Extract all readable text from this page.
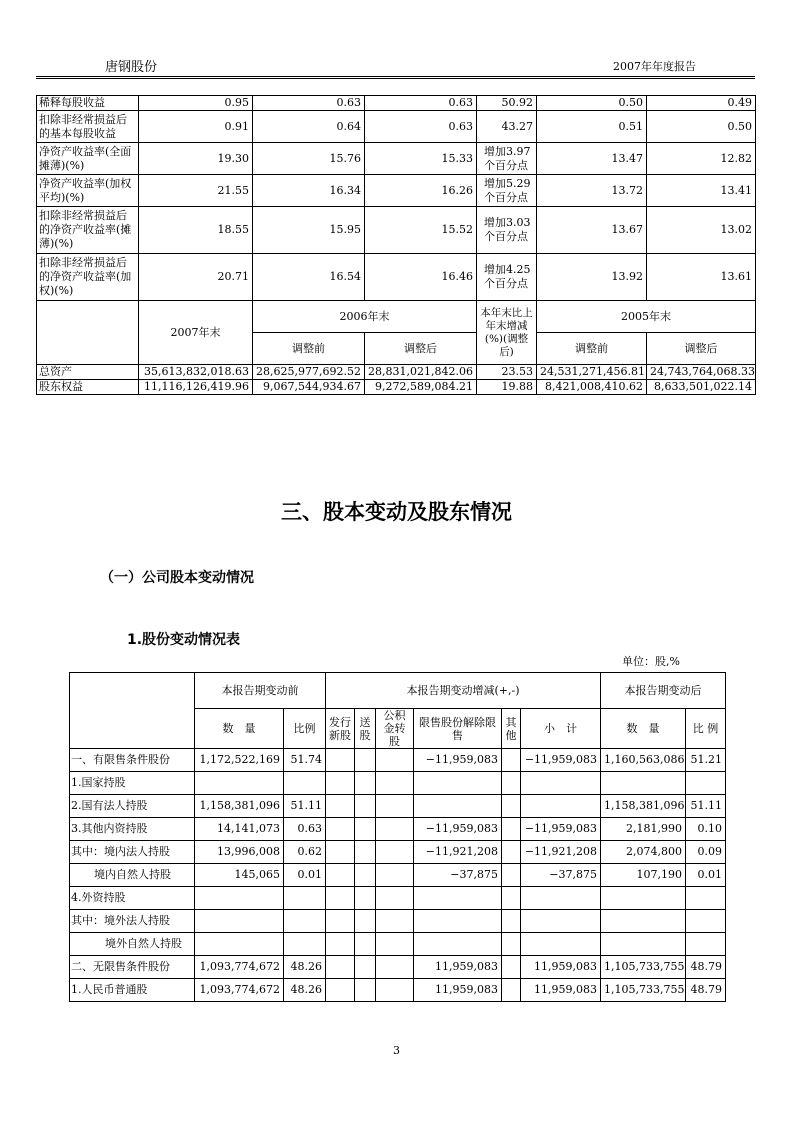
唐钢股份	2007年年度报告
稀释每股收益	0.95	0.63	0.63	50.92	0.50	0.49
扣除非经常损益后的基本每股收益	0.91	0.64	0.63	43.27	0.51	0.50
净资产收益率(全面摊薄)(%)	19.30	15.76	15.33	增加3.97个百分点	13.47	12.82
净资产收益率(加权平均)(%)	21.55	16.34	16.26	增加5.29个百分点	13.72	13.41
扣除非经常损益后的净资产收益率(摊薄)(%)	18.55	15.95	15.52	增加3.03个百分点	13.67	13.02
扣除非经常损益后的净资产收益率(加权)(%)	20.71	16.54	16.46	增加4.25个百分点	13.92	13.61
	2007年末	2006年末		本年末比上年末增减(%)(调整后)	2005年末	
		调整前	调整后		调整前	调整后
总资产	35,613,832,018.63	28,625,977,692.52	28,831,021,842.06	23.53	24,531,271,456.81	24,743,764,068.33
股东权益	11,116,126,419.96	9,067,544,934.67	9,272,589,084.21	19.88	8,421,008,410.62	8,633,501,022.14
三、股本变动及股东情况
（一）公司股本变动情况
1.股份变动情况表
单位：股,%
	本报告期变动前		本报告期变动增减(+,-)						本报告期变动后	
	数　量	比例	发行新股	送股	公积金转　股	限售股份解除限售	其他	小　计	数　量	比 例
一、有限售条件股份	1,172,522,169	51.74				−11,959,083		−11,959,083	1,160,563,086	51.21
1.国家持股										
2.国有法人持股	1,158,381,096	51.11							1,158,381,096	51.11
3.其他内资持股	14,141,073	0.63				−11,959,083		−11,959,083	2,181,990	0.10
其中：境内法人持股	13,996,008	0.62				−11,921,208		−11,921,208	2,074,800	0.09
境内自然人持股	145,065	0.01				−37,875		−37,875	107,190	0.01
4.外资持股										
其中：境外法人持股										
境外自然人持股										
二、无限售条件股份	1,093,774,672	48.26				11,959,083		11,959,083	1,105,733,755	48.79
1.人民币普通股	1,093,774,672	48.26				11,959,083		11,959,083	1,105,733,755	48.79
3
